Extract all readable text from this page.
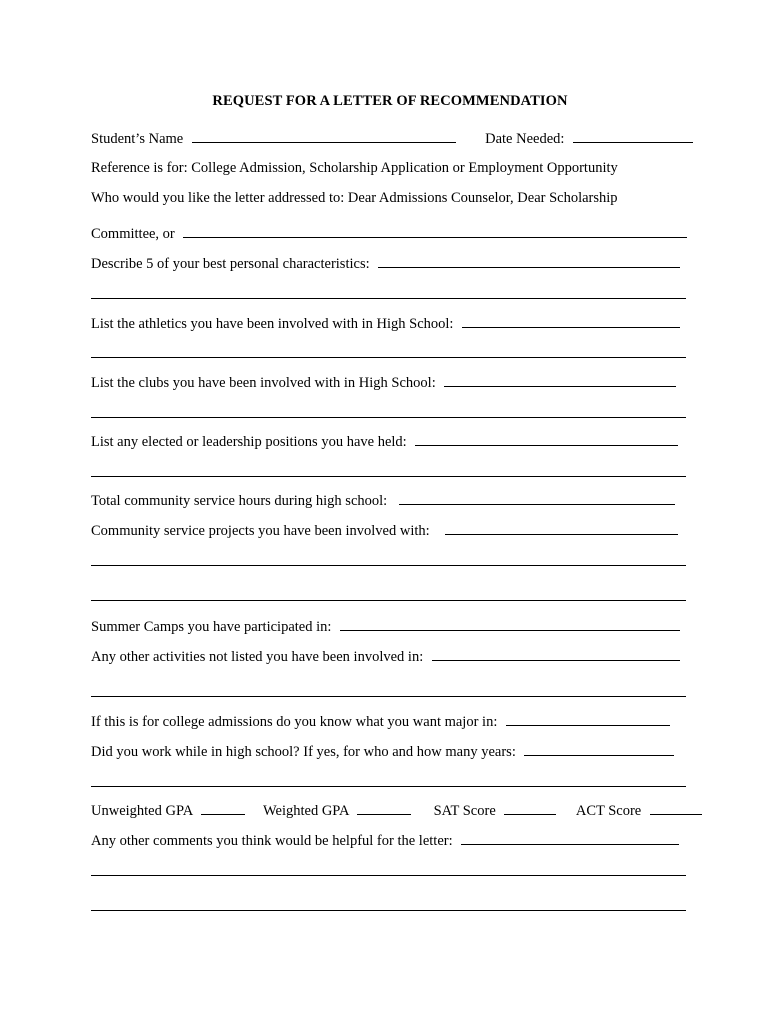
REQUEST FOR A LETTER OF RECOMMENDATION
Student’s Name	Date Needed:
Reference is for: College Admission, Scholarship Application or Employment Opportunity
Who would you like the letter addressed to: Dear Admissions Counselor, Dear Scholarship
Committee, or
Describe 5 of your best personal characteristics:
List the athletics you have been involved with in High School:
List the clubs you have been involved with in High School:
List any elected or leadership positions you have held:
Total community service hours during high school:
Community service projects you have been involved with:
Summer Camps you have participated in:
Any other activities not listed you have been involved in:
If this is for college admissions do you know what you want major in:
Did you work while in high school? If yes, for who and how many years:
Unweighted GPA	Weighted GPA	SAT Score	ACT Score
Any other comments you think would be helpful for the letter:
